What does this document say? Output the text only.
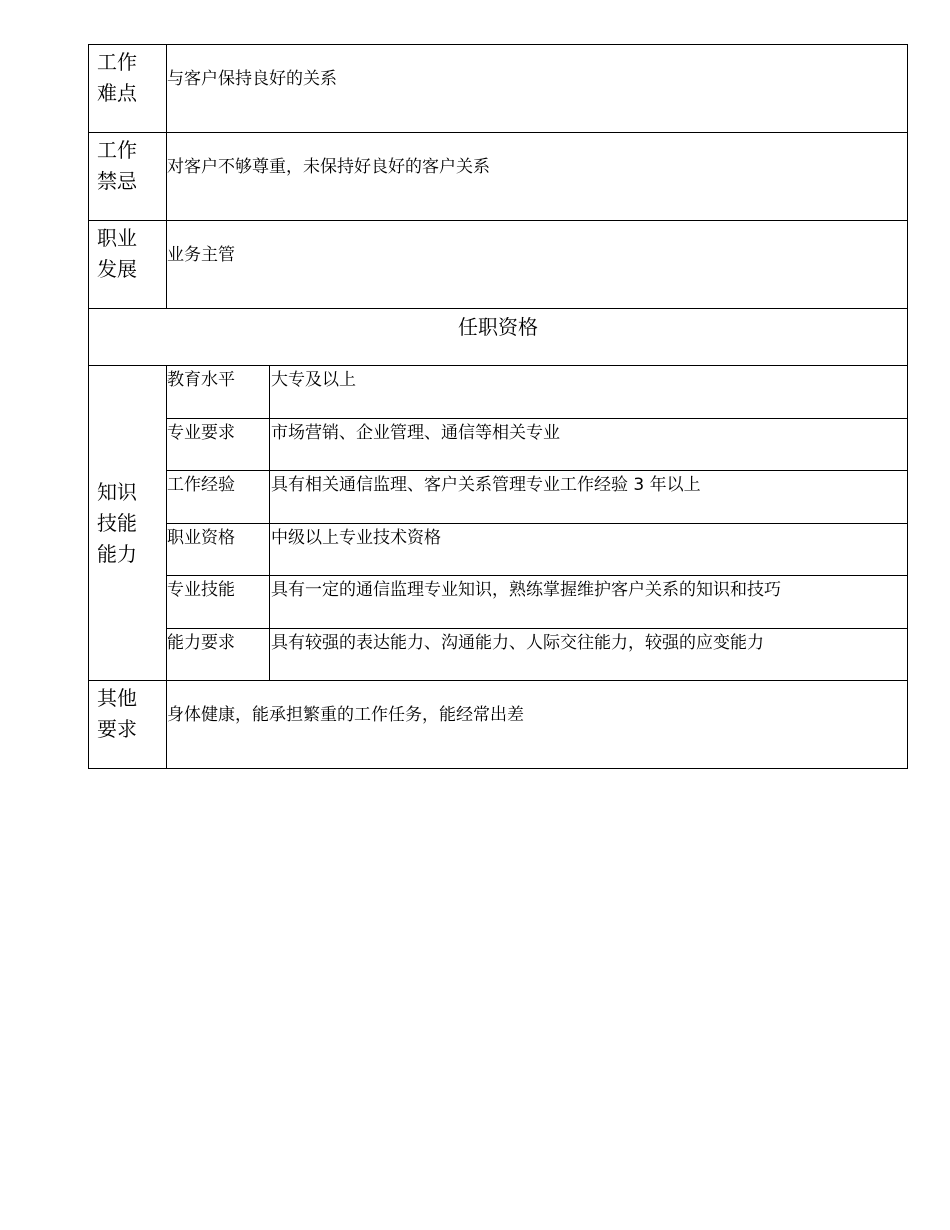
工作
难点	与客户保持良好的关系	

工作
禁忌	对客户不够尊重，未保持好良好的客户关系	

职业
发展	业务主管	
任职资格		

知识
技能
能力	教育水平	大专及以上
	专业要求	市场营销、企业管理、通信等相关专业
	工作经验	具有相关通信监理、客户关系管理专业工作经验 3 年以上
	职业资格	中级以上专业技术资格
	专业技能	具有一定的通信监理专业知识，熟练掌握维护客户关系的知识和技巧
	能力要求	具有较强的表达能力、沟通能力、人际交往能力，较强的应变能力

其他
要求	身体健康，能承担繁重的工作任务，能经常出差	
